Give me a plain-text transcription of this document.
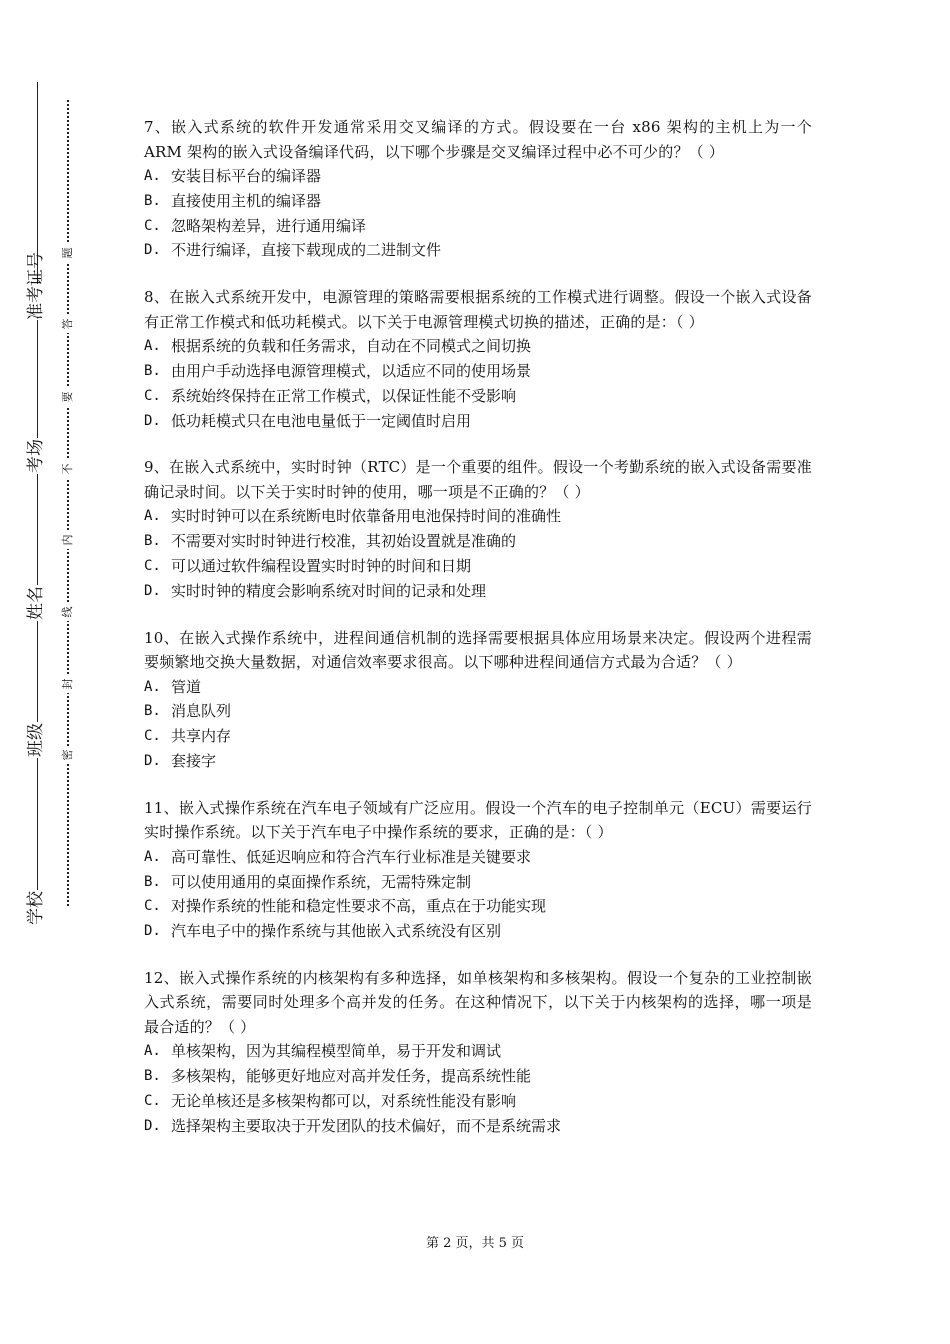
准考证号
考场
姓名
班级
学校
题
答
要
不
内
线
封
密
7、嵌入式系统的软件开发通常采用交叉编译的方式。假设要在一台 x86 架构的主机上为一个 ARM 架构的嵌入式设备编译代码，以下哪个步骤是交叉编译过程中必不可少的？（ ）
A. 安装目标平台的编译器
B. 直接使用主机的编译器
C. 忽略架构差异，进行通用编译
D. 不进行编译，直接下载现成的二进制文件
8、在嵌入式系统开发中，电源管理的策略需要根据系统的工作模式进行调整。假设一个嵌入式设备有正常工作模式和低功耗模式。以下关于电源管理模式切换的描述，正确的是：（ ）
A. 根据系统的负载和任务需求，自动在不同模式之间切换
B. 由用户手动选择电源管理模式，以适应不同的使用场景
C. 系统始终保持在正常工作模式，以保证性能不受影响
D. 低功耗模式只在电池电量低于一定阈值时启用
9、在嵌入式系统中，实时时钟（RTC）是一个重要的组件。假设一个考勤系统的嵌入式设备需要准确记录时间。以下关于实时时钟的使用，哪一项是不正确的？（ ）
A. 实时时钟可以在系统断电时依靠备用电池保持时间的准确性
B. 不需要对实时时钟进行校准，其初始设置就是准确的
C. 可以通过软件编程设置实时时钟的时间和日期
D. 实时时钟的精度会影响系统对时间的记录和处理
10、在嵌入式操作系统中，进程间通信机制的选择需要根据具体应用场景来决定。假设两个进程需要频繁地交换大量数据，对通信效率要求很高。以下哪种进程间通信方式最为合适？（ ）
A. 管道
B. 消息队列
C. 共享内存
D. 套接字
11、嵌入式操作系统在汽车电子领域有广泛应用。假设一个汽车的电子控制单元（ECU）需要运行实时操作系统。以下关于汽车电子中操作系统的要求，正确的是：（ ）
A. 高可靠性、低延迟响应和符合汽车行业标准是关键要求
B. 可以使用通用的桌面操作系统，无需特殊定制
C. 对操作系统的性能和稳定性要求不高，重点在于功能实现
D. 汽车电子中的操作系统与其他嵌入式系统没有区别
12、嵌入式操作系统的内核架构有多种选择，如单核架构和多核架构。假设一个复杂的工业控制嵌入式系统，需要同时处理多个高并发的任务。在这种情况下，以下关于内核架构的选择，哪一项是最合适的？（ ）
A. 单核架构，因为其编程模型简单，易于开发和调试
B. 多核架构，能够更好地应对高并发任务，提高系统性能
C. 无论单核还是多核架构都可以，对系统性能没有影响
D. 选择架构主要取决于开发团队的技术偏好，而不是系统需求
第 2 页，共 5 页
